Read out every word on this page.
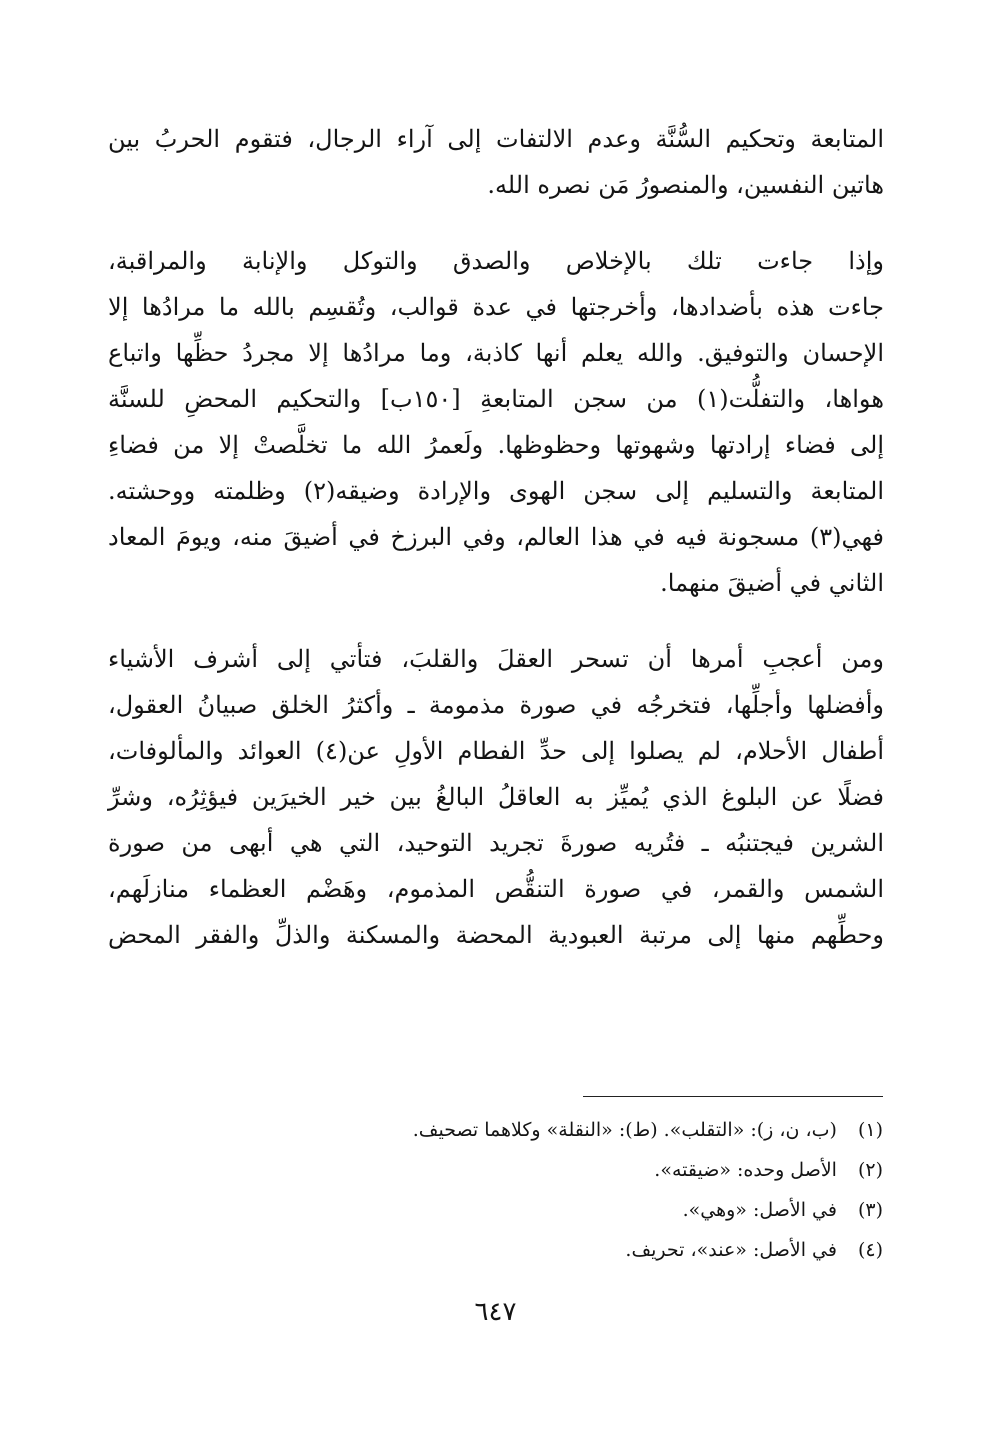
المتابعة وتحكيم السُّنَّة وعدم الالتفات إلى آراء الرجال، فتقوم الحربُ بين
هاتين النفسين، والمنصورُ مَن نصره الله.

وإذا جاءت تلك بالإخلاص والصدق والتوكل والإنابة والمراقبة،
جاءت هذه بأضدادها، وأخرجتها في عدة قوالب، وتُقسِم بالله ما مرادُها إلا
الإحسان والتوفيق. والله يعلم أنها كاذبة، وما مرادُها إلا مجردُ حظِّها واتباع
هواها، والتفلُّت(١) من سجن المتابعةِ [١٥٠ب] والتحكيم المحضِ للسنَّة
إلى فضاء إرادتها وشهوتها وحظوظها. ولَعمرُ الله ما تخلَّصتْ إلا من فضاءِ
المتابعة والتسليم إلى سجن الهوى والإرادة وضيقه(٢) وظلمته ووحشته.
فهي(٣) مسجونة فيه في هذا العالم، وفي البرزخ في أضيقَ منه، ويومَ المعاد
الثاني في أضيقَ منهما.

ومن أعجبِ أمرها أن تسحر العقلَ والقلبَ، فتأتي إلى أشرف الأشياء
وأفضلها وأجلِّها، فتخرجُه في صورة مذمومة ـ وأكثرُ الخلق صبيانُ العقول،
أطفال الأحلام، لم يصلوا إلى حدِّ الفطام الأولِ عن(٤) العوائد والمألوفات،
فضلًا عن البلوغ الذي يُميِّز به العاقلُ البالغُ بين خير الخيرَين فيؤثِرُه، وشرِّ
الشرين فيجتنبُه ـ فتُريه صورةَ تجريد التوحيد، التي هي أبهى من صورة
الشمس والقمر، في صورة التنقُّص المذموم، وهَضْم العظماء منازلَهم،
وحطِّهم منها إلى مرتبة العبودية المحضة والمسكنة والذلِّ والفقر المحض

(١) (ب، ن، ز): «التقلب». (ط): «النقلة» وكلاهما تصحيف.
(٢) الأصل وحده: «ضيقته».
(٣) في الأصل: «وهي».
(٤) في الأصل: «عند»، تحريف.
٦٤٧
